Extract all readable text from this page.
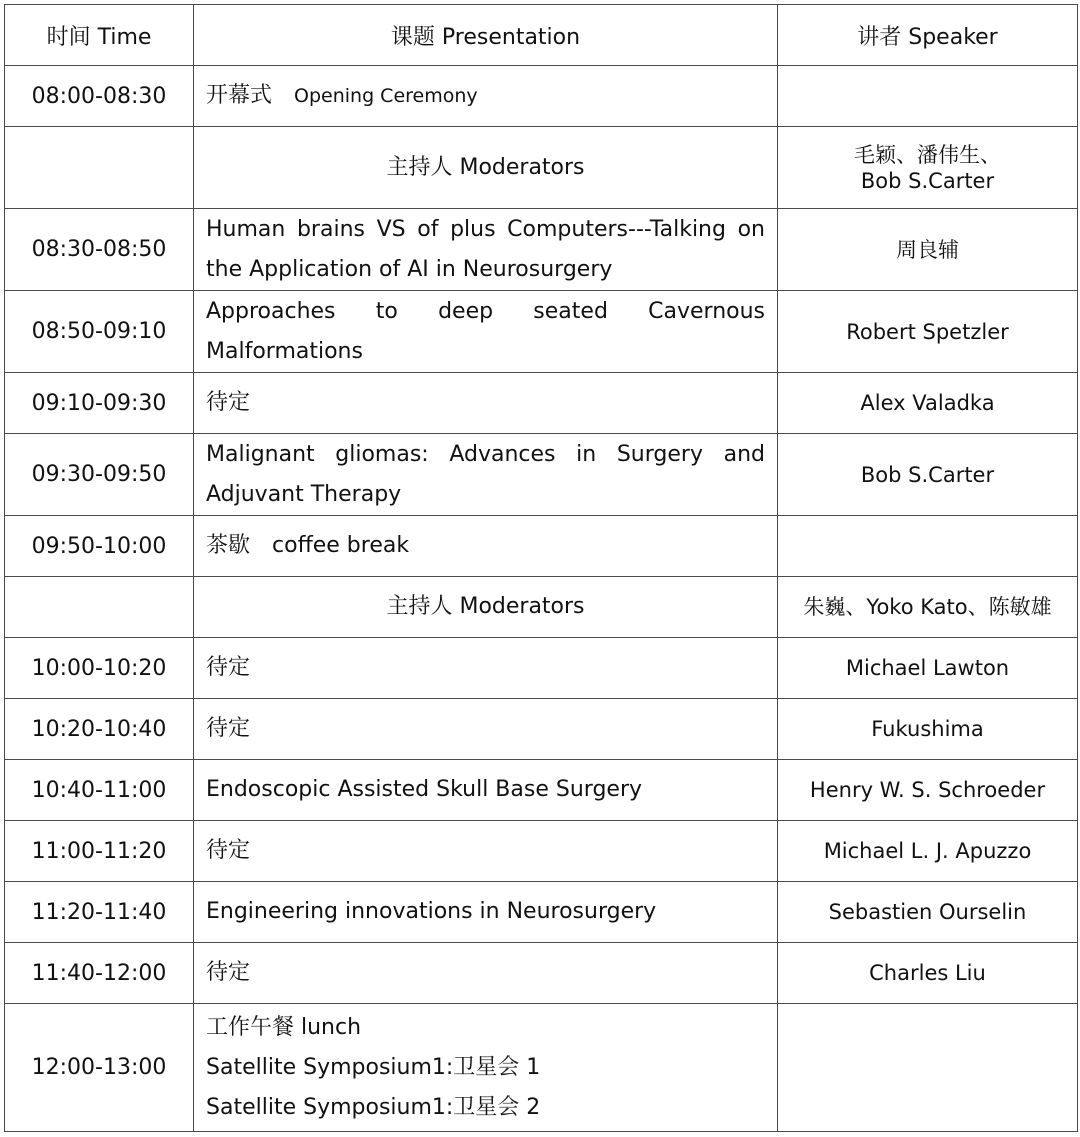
时间 Time	课题 Presentation	讲者 Speaker
08:00-08:30	开幕式 Opening Ceremony	
	主持人 Moderators	毛颖、潘伟生、
Bob S.Carter

08:30-08:50	Human brains VS of plus Computers---Talking on the Application of AI in Neurosurgery	周良辅
08:50-09:10	Approaches to deep seated Cavernous Malformations	Robert Spetzler
09:10-09:30	待定	Alex Valadka
09:30-09:50	Malignant gliomas: Advances in Surgery and Adjuvant Therapy	Bob S.Carter
09:50-10:00	茶歇 coffee break	
	主持人 Moderators	朱巍、Yoko Kato、陈敏雄
10:00-10:20	待定	Michael Lawton
10:20-10:40	待定	Fukushima
10:40-11:00	Endoscopic Assisted Skull Base Surgery	Henry W. S. Schroeder
11:00-11:20	待定	Michael L. J. Apuzzo
11:20-11:40	Engineering innovations in Neurosurgery	Sebastien Ourselin
11:40-12:00	待定	Charles Liu
12:00-13:00	工作午餐 lunch
Satellite Symposium1:卫星会 1
Satellite Symposium1:卫星会 2	
